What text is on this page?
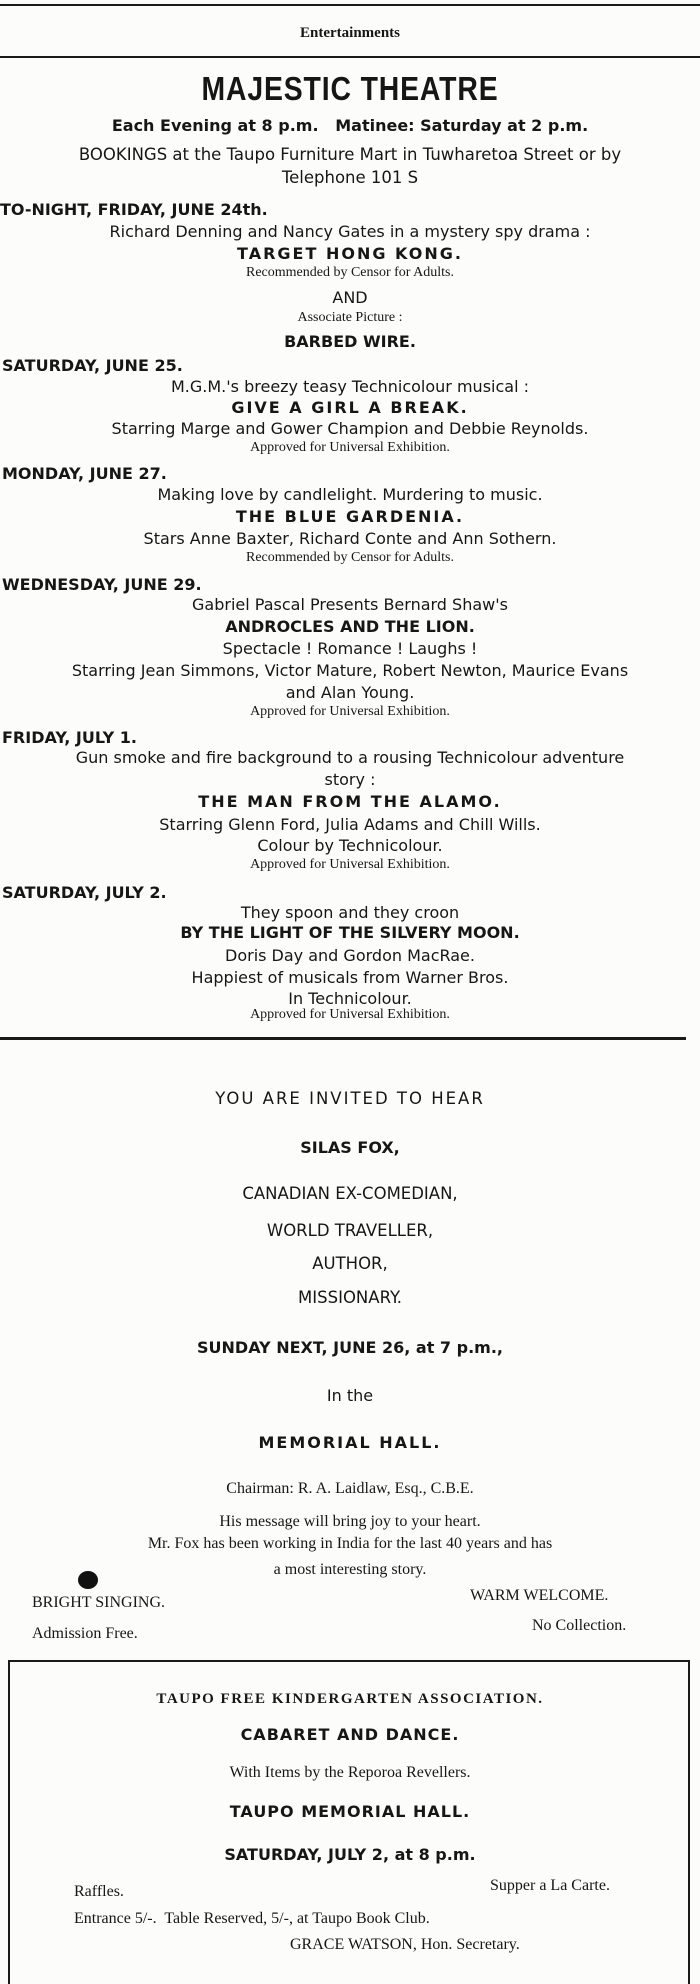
Entertainments
MAJESTIC THEATRE
Each Evening at 8 p.m.   Matinee: Saturday at 2 p.m.
BOOKINGS at the Taupo Furniture Mart in Tuwharetoa Street or by
Telephone 101 S
TO-NIGHT, FRIDAY, JUNE 24th.
Richard Denning and Nancy Gates in a mystery spy drama :
TARGET HONG KONG.
Recommended by Censor for Adults.
AND
Associate Picture :
BARBED WIRE.
SATURDAY, JUNE 25.
M.G.M.'s breezy teasy Technicolour musical :
GIVE A GIRL A BREAK.
Starring Marge and Gower Champion and Debbie Reynolds.
Approved for Universal Exhibition.
MONDAY, JUNE 27.
Making love by candlelight. Murdering to music.
THE BLUE GARDENIA.
Stars Anne Baxter, Richard Conte and Ann Sothern.
Recommended by Censor for Adults.
WEDNESDAY, JUNE 29.
Gabriel Pascal Presents Bernard Shaw's
ANDROCLES AND THE LION.
Spectacle ! Romance ! Laughs !
Starring Jean Simmons, Victor Mature, Robert Newton, Maurice Evans
and Alan Young.
Approved for Universal Exhibition.
FRIDAY, JULY 1.
Gun smoke and fire background to a rousing Technicolour adventure
story :
THE MAN FROM THE ALAMO.
Starring Glenn Ford, Julia Adams and Chill Wills.
Colour by Technicolour.
Approved for Universal Exhibition.
SATURDAY, JULY 2.
They spoon and they croon
BY THE LIGHT OF THE SILVERY MOON.
Doris Day and Gordon MacRae.
Happiest of musicals from Warner Bros.
In Technicolour.
Approved for Universal Exhibition.
YOU ARE INVITED TO HEAR
SILAS FOX,
CANADIAN EX-COMEDIAN,
WORLD TRAVELLER,
AUTHOR,
MISSIONARY.
SUNDAY NEXT, JUNE 26, at 7 p.m.,
In the
MEMORIAL HALL.
Chairman: R. A. Laidlaw, Esq., C.B.E.
His message will bring joy to your heart.
Mr. Fox has been working in India for the last 40 years and has
a most interesting story.
BRIGHT SINGING.	WARM WELCOME.
Admission Free.	No Collection.
TAUPO FREE KINDERGARTEN ASSOCIATION.
CABARET AND DANCE.
With Items by the Reporoa Revellers.
TAUPO MEMORIAL HALL.
SATURDAY, JULY 2, at 8 p.m.
Raffles.	Supper a La Carte.
Entrance 5/-.  Table Reserved, 5/-, at Taupo Book Club.
GRACE WATSON, Hon. Secretary.
